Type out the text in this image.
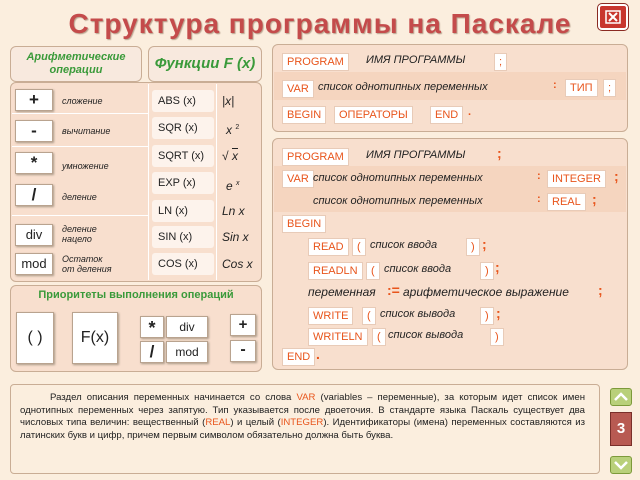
Структура программы на Паскале
Арифметические операции	Функции F (x)
+	сложение
-	вычитание
*	умножение
/	деление
div	деление
нацело
mod	Остаток
от деления
ABS (x)	|x|
SQR (x)	x $^2$
SQRT (x)	√ x
EXP (x)	e $^x$
LN (x)	Ln x
SIN (x)	Sin x
COS (x)	Cos x
Приоритеты выполнения операций
( )	F(x)	*	div
/	mod
+
-
PROGRAM	ИМЯ ПРОГРАММЫ	;
VAR список однотипных переменных	:	ТИП	;
BEGIN	ОПЕРАТОРЫ	END .
PROGRAM	ИМЯ ПРОГРАММЫ ;
VAR список однотипных переменных	:	INTEGER ;
список однотипных переменных	:	REAL ;
BEGIN
READ	( список ввода	) ;
READLN	( список ввода	) ;
переменная := арифметическое выражение ;
WRITE	( список вывода	) ;
WRITELN	( список вывода	)
END .
Раздел описания переменных начинается со слова VAR (variables – переменные), за которым идет список имен однотипных переменных через запятую. Тип указывается после двоеточия. В стандарте языка Паскаль существует два числовых типа величин: вещественный (REAL) и целый (INTEGER). Идентификаторы (имена) переменных составляются из латинских букв и цифр, причем первым символом обязательно должна быть буква.	3
